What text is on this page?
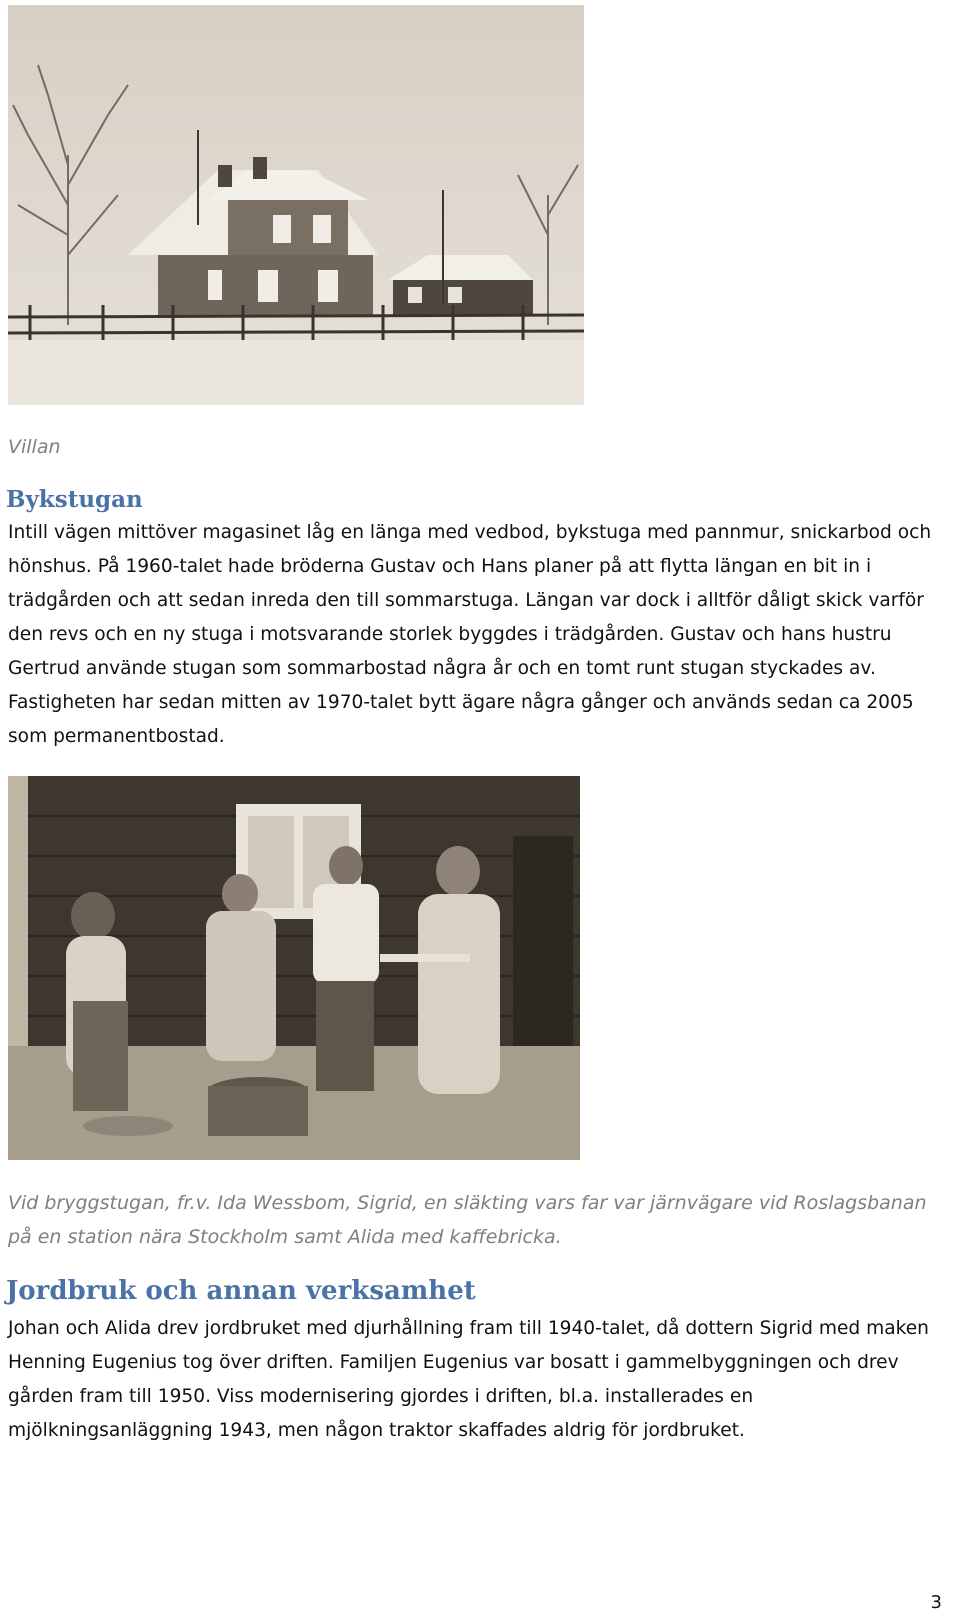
Villan

Bykstugan

Intill vägen mittöver magasinet låg en länga med vedbod, bykstuga med pannmur, snickarbod och hönshus. På 1960-talet hade bröderna Gustav och Hans planer på att flytta längan en bit in i trädgården och att sedan inreda den till sommarstuga. Längan var dock i alltför dåligt skick varför den revs och en ny stuga i motsvarande storlek byggdes i trädgården. Gustav och hans hustru Gertrud använde stugan som sommarbostad några år och en tomt runt stugan styckades av. Fastigheten har sedan mitten av 1970-talet bytt ägare några gånger och används sedan ca 2005 som permanentbostad.

Vid bryggstugan, fr.v. Ida Wessbom, Sigrid, en släkting vars far var järnvägare vid Roslagsbanan på en station nära Stockholm samt Alida med kaffebricka.

Jordbruk och annan verksamhet

Johan och Alida drev jordbruket med djurhållning fram till 1940-talet, då dottern Sigrid med maken Henning Eugenius tog över driften. Familjen Eugenius var bosatt i gammelbyggningen och drev gården fram till 1950. Viss modernisering gjordes i driften, bl.a. installerades en mjölkningsanläggning 1943, men någon traktor skaffades aldrig för jordbruket.

3
